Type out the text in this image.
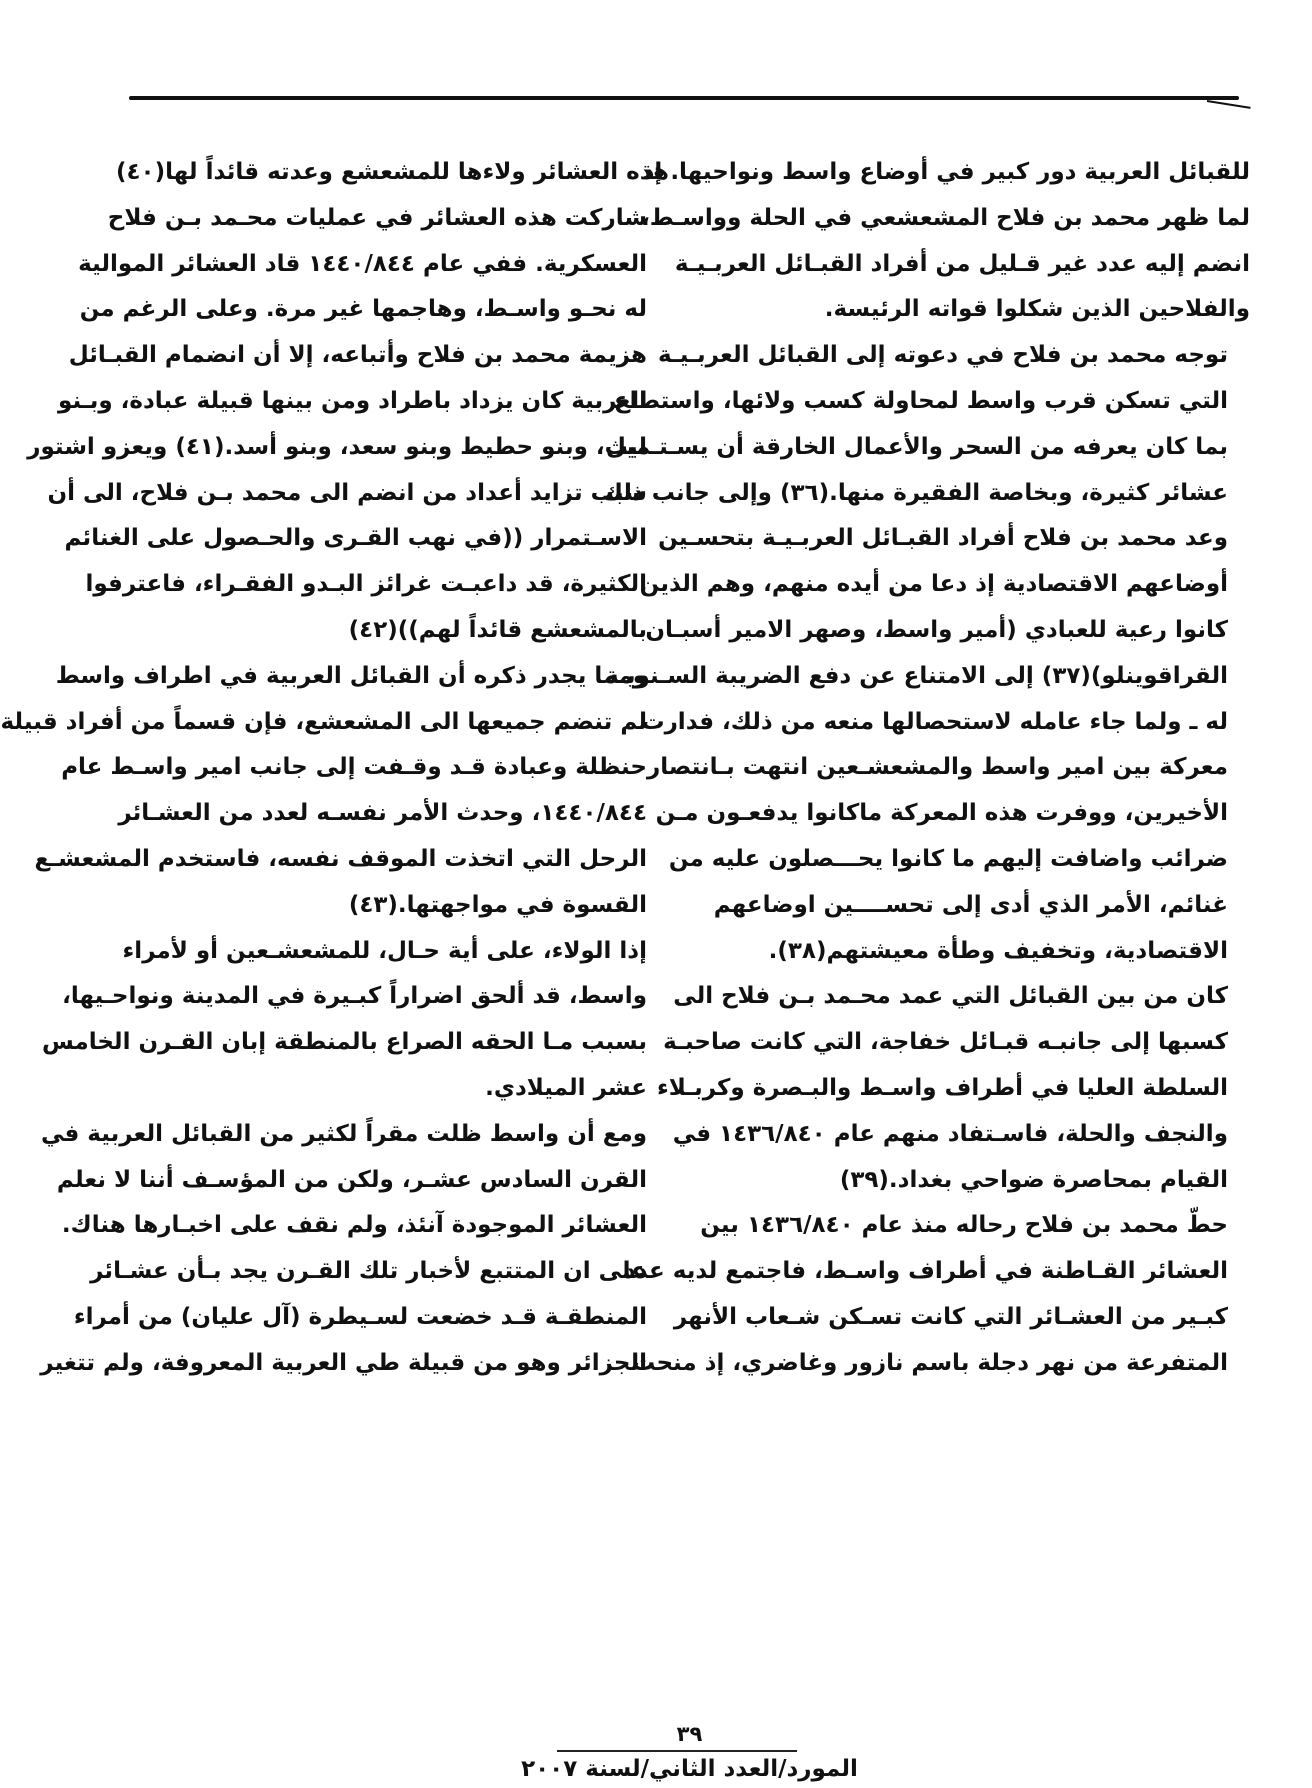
للقبائل العربية دور كبير في أوضاع واسط ونواحيها. إذ
لما ظهر محمد بن فلاح المشعشعي في الحلة وواسـط،
انضم إليه عدد غير قـليل من أفراد القبـائل العربـيـة
والفلاحين الذين شكلوا قواته الرئيسة.
توجه محمد بن فلاح في دعوته إلى القبائل العربـيـة
التي تسكن قرب واسط لمحاولة كسب ولائها، واستطاع
بما كان يعرفه من السحر والأعمال الخارقة أن يسـتـميل
عشائر كثيرة، وبخاصة الفقيرة منها.(٣٦) وإلى جانب ذلك
وعد محمد بن فلاح أفراد القبـائل العربـيـة بتحسـين
أوضاعهم الاقتصادية إذ دعا من أيده منهم، وهم الذين
كانوا رعية للعبادي (أمير واسط، وصهر الامير أسبـان
القراقوينلو)(٣٧) إلى الامتناع عن دفع الضريبة السـنويـة
له ـ ولما جاء عامله لاستحصالها منعه من ذلك، فدارت
معركة بين امير واسط والمشعشـعين انتهت بـانتصار
الأخيرين، ووفرت هذه المعركة ماكانوا يدفعـون مـن
ضرائب واضافت إليهم ما كانوا يحـــصلون عليه من
غنائم، الأمر الذي أدى إلى تحســــين اوضاعهم
الاقتصادية، وتخفيف وطأة معيشتهم(٣٨).
كان من بين القبائل التي عمد محـمد بـن فلاح الى
كسبها إلى جانبـه قبـائل خفاجة، التي كانت صاحبـة
السلطة العليا في أطراف واسـط والبـصرة وكربـلاء
والنجف والحلة، فاسـتفاد منهم عام ١٤٣٦/٨٤٠ في
القيام بمحاصرة ضواحي بغداد.(٣٩)
حطّ محمد بن فلاح رحاله منذ عام ١٤٣٦/٨٤٠ بين
العشائر القـاطنة في أطراف واسـط، فاجتمع لديه عدد
كبـير من العشـائر التي كانت تسـكن شـعاب الأنهر
المتفرعة من نهر دجلة باسم نازور وغاضري، إذ منحت
هذه العشائر ولاءها للمشعشع وعدته قائداً لها(٤٠)
شاركت هذه العشائر في عمليات محـمد بـن فلاح
العسكرية. ففي عام ١٤٤٠/٨٤٤ قاد العشائر الموالية
له نحـو واسـط، وهاجمها غير مرة. وعلى الرغم من
هزيمة محمد بن فلاح وأتباعه، إلا أن انضمام القبـائل
العربية كان يزداد باطراد ومن بينها قبيلة عبادة، وبـنو
ليث، وبنو حطيط وبنو سعد، وبنو أسد.(٤١) ويعزو اشتور
سبب تزايد أعداد من انضم الى محمد بـن فلاح، الى أن
الاسـتمرار ((في نهب القـرى والحـصول على الغنائم
الكثيرة، قد داعبـت غرائز البـدو الفقـراء، فاعترفوا
بالمشعشع قائداً لهم))(٤٢)
ومما يجدر ذكره أن القبائل العربية في اطراف واسط
لم تنضم جميعها الى المشعشع، فإن قسماً من أفراد قبيلة
حنظلة وعبادة قـد وقـفت إلى جانب امير واسـط عام
١٤٤٠/٨٤٤، وحدث الأمر نفسـه لعدد من العشـائر
الرحل التي اتخذت الموقف نفسه، فاستخدم المشعشـع
القسوة في مواجهتها.(٤٣)
إذا الولاء، على أية حـال، للمشعشـعين أو لأمراء
واسط، قد ألحق اضراراً كبـيرة في المدينة ونواحـيها،
بسبب مـا الحقه الصراع بالمنطقة إبان القـرن الخامس
عشر الميلادي.
ومع أن واسط ظلت مقراً لكثير من القبائل العربية في
القرن السادس عشـر، ولكن من المؤسـف أننا لا نعلم
العشائر الموجودة آنئذ، ولم نقف على اخبـارها هناك.
على ان المتتبع لأخبار تلك القـرن يجد بـأن عشـائر
المنطقـة قـد خضعت لسـيطرة (آل عليان) من أمراء
الجزائر وهو من قبيلة طي العربية المعروفة، ولم تتغير
٣٩
المورد/العدد الثاني/لسنة ٢٠٠٧
